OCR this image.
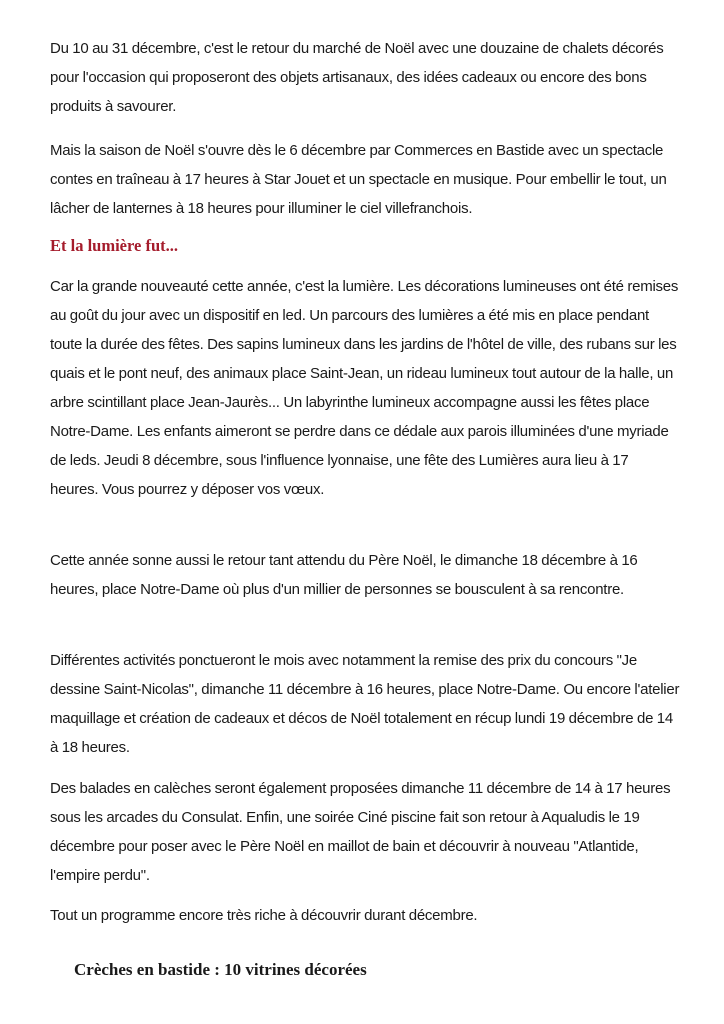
Du 10 au 31 décembre, c'est le retour du marché de Noël avec une douzaine de chalets décorés pour l'occasion qui proposeront des objets artisanaux, des idées cadeaux ou encore des bons produits à savourer.

Mais la saison de Noël s'ouvre dès le 6 décembre par Commerces en Bastide avec un spectacle contes en traîneau à 17 heures à Star Jouet et un spectacle en musique. Pour embellir le tout, un lâcher de lanternes à 18 heures pour illuminer le ciel villefranchois.

Et la lumière fut...

Car la grande nouveauté cette année, c'est la lumière. Les décorations lumineuses ont été remises au goût du jour avec un dispositif en led. Un parcours des lumières a été mis en place pendant toute la durée des fêtes. Des sapins lumineux dans les jardins de l'hôtel de ville, des rubans sur les quais et le pont neuf, des animaux place Saint-Jean, un rideau lumineux tout autour de la halle, un arbre scintillant place Jean-Jaurès... Un labyrinthe lumineux accompagne aussi les fêtes place Notre-Dame. Les enfants aimeront se perdre dans ce dédale aux parois illuminées d'une myriade de leds. Jeudi 8 décembre, sous l'influence lyonnaise, une fête des Lumières aura lieu à 17 heures. Vous pourrez y déposer vos vœux.

Cette année sonne aussi le retour tant attendu du Père Noël, le dimanche 18 décembre à 16 heures, place Notre-Dame où plus d'un millier de personnes se bousculent à sa rencontre.

Différentes activités ponctueront le mois avec notamment la remise des prix du concours "Je dessine Saint-Nicolas", dimanche 11 décembre à 16 heures, place Notre-Dame. Ou encore l'atelier maquillage et création de cadeaux et décos de Noël totalement en récup lundi 19 décembre de 14 à 18 heures.

Des balades en calèches seront également proposées dimanche 11 décembre de 14 à 17 heures sous les arcades du Consulat. Enfin, une soirée Ciné piscine fait son retour à Aqualudis le 19 décembre pour poser avec le Père Noël en maillot de bain et découvrir à nouveau "Atlantide, l'empire perdu".

Tout un programme encore très riche à découvrir durant décembre.

Crèches en bastide : 10 vitrines décorées
